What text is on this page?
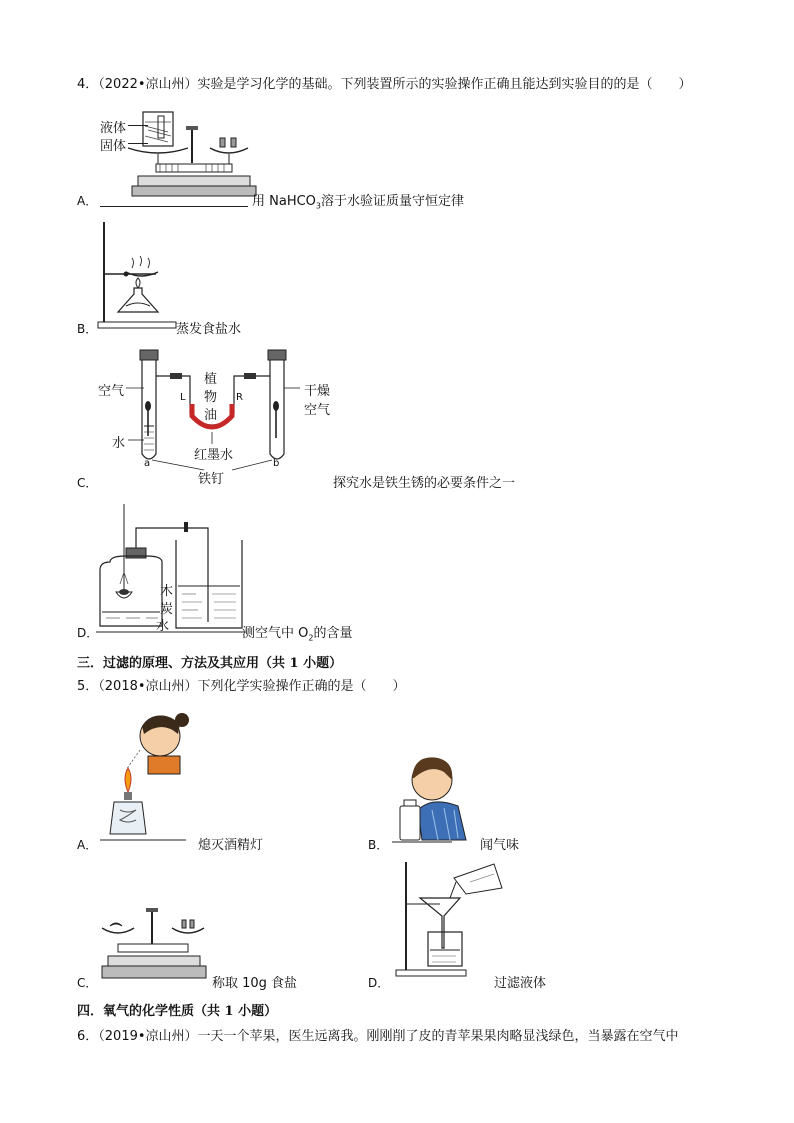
4．（2022•凉山州）实验是学习化学的基础。下列装置所示的实验操作正确且能达到实验目的的是（　　）
液体
固体
A．	用 NaHCO$_3$溶于水验证质量守恒定律
B．	蒸发食盐水
空气
水
植
物
油
L	R	干燥
空气
红墨水
a
铁钉
b
C．	探究水是铁生锈的必要条件之一
木
炭
水
D．	测空气中 $O_2$的含量
三．过滤的原理、方法及其应用（共 1 小题）
5．（2018•凉山州）下列化学实验操作正确的是（　　）
A．	熄灭酒精灯	B．	闻气味
C．	称取 10g 食盐	D．	过滤液体
四．氧气的化学性质（共 1 小题）
6．（2019•凉山州）一天一个苹果，医生远离我。刚刚削了皮的青苹果果肉略显浅绿色，当暴露在空气中
